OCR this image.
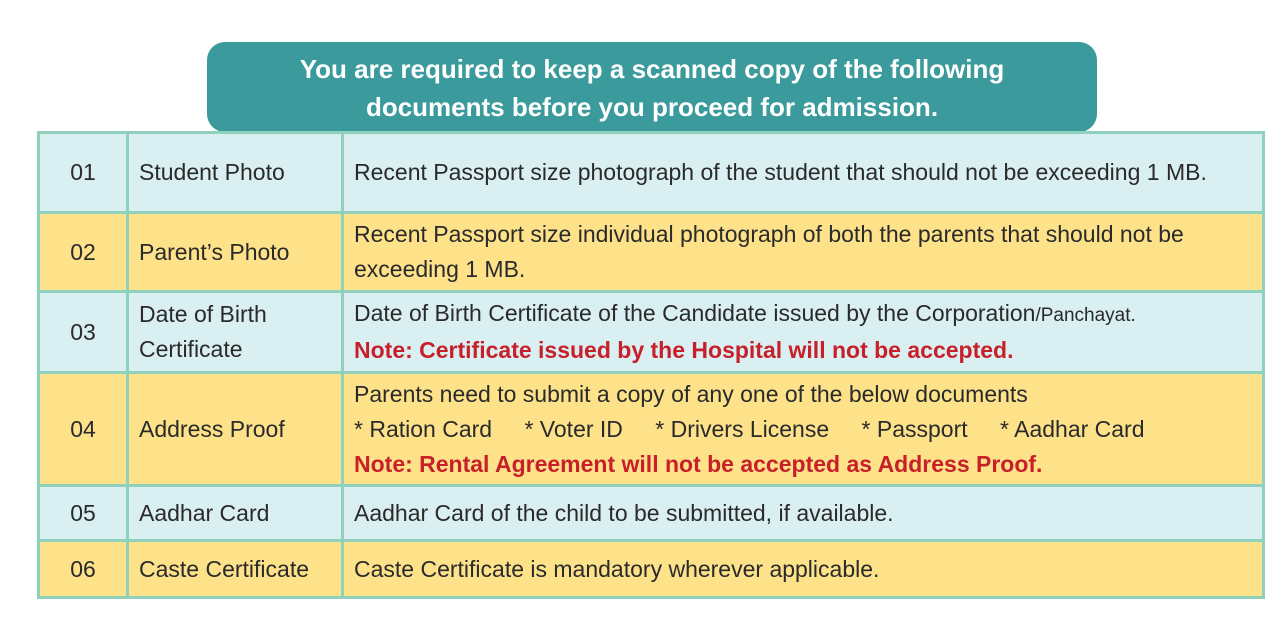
You are required to keep a scanned copy of the following
documents before you proceed for admission.
01	Student Photo	Recent Passport size photograph of the student that should not be exceeding 1 MB.
02	Parent’s Photo	Recent Passport size individual photograph of both the parents that should not be exceeding 1 MB.
03	Date of Birth Certificate	Date of Birth Certificate of the Candidate issued by the Corporation/Panchayat.
Note: Certificate issued by the Hospital will not be accepted.

04	Address Proof	Parents need to submit a copy of any one of the below documents
* Ration Card * Voter ID * Drivers License * Passport * Aadhar Card
Note: Rental Agreement will not be accepted as Address Proof.

05	Aadhar Card	Aadhar Card of the child to be submitted, if available.
06	Caste Certificate	Caste Certificate is mandatory wherever applicable.
